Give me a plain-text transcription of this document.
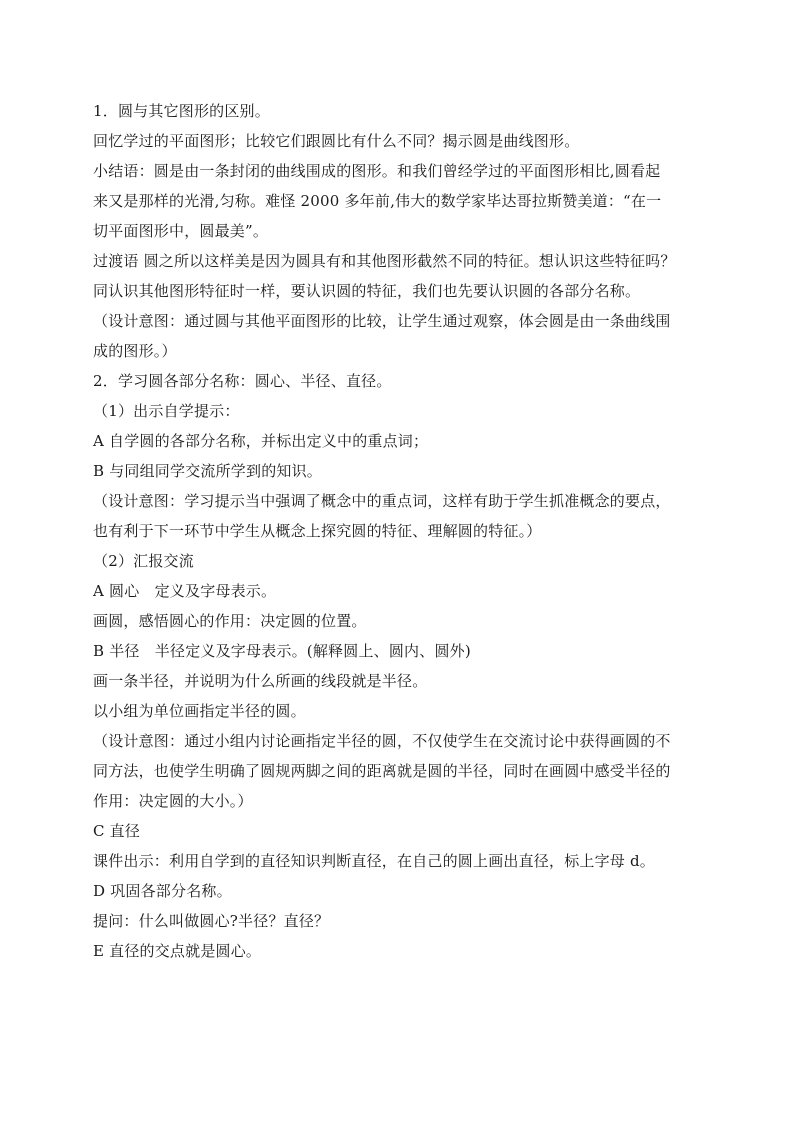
1．圆与其它图形的区别。
回忆学过的平面图形；比较它们跟圆比有什么不同？揭示圆是曲线图形。
小结语：圆是由一条封闭的曲线围成的图形。和我们曾经学过的平面图形相比,圆看起
来又是那样的光滑,匀称。难怪 2000 多年前,伟大的数学家毕达哥拉斯赞美道：“在一
切平面图形中，圆最美”。
过渡语 圆之所以这样美是因为圆具有和其他图形截然不同的特征。想认识这些特征吗？
同认识其他图形特征时一样，要认识圆的特征，我们也先要认识圆的各部分名称。
（设计意图：通过圆与其他平面图形的比较，让学生通过观察，体会圆是由一条曲线围
成的图形。）
2．学习圆各部分名称：圆心、半径、直径。
（1）出示自学提示：
A 自学圆的各部分名称，并标出定义中的重点词；
B 与同组同学交流所学到的知识。
（设计意图：学习提示当中强调了概念中的重点词，这样有助于学生抓准概念的要点，
也有利于下一环节中学生从概念上探究圆的特征、理解圆的特征。）
（2）汇报交流
A 圆心　定义及字母表示。
画圆，感悟圆心的作用：决定圆的位置。
B 半径　半径定义及字母表示。(解释圆上、圆内、圆外)
画一条半径，并说明为什么所画的线段就是半径。
以小组为单位画指定半径的圆。
（设计意图：通过小组内讨论画指定半径的圆，不仅使学生在交流讨论中获得画圆的不
同方法，也使学生明确了圆规两脚之间的距离就是圆的半径，同时在画圆中感受半径的
作用：决定圆的大小。）
C 直径
课件出示：利用自学到的直径知识判断直径，在自己的圆上画出直径，标上字母 d。
D 巩固各部分名称。
提问：什么叫做圆心?半径？直径？
E 直径的交点就是圆心。
